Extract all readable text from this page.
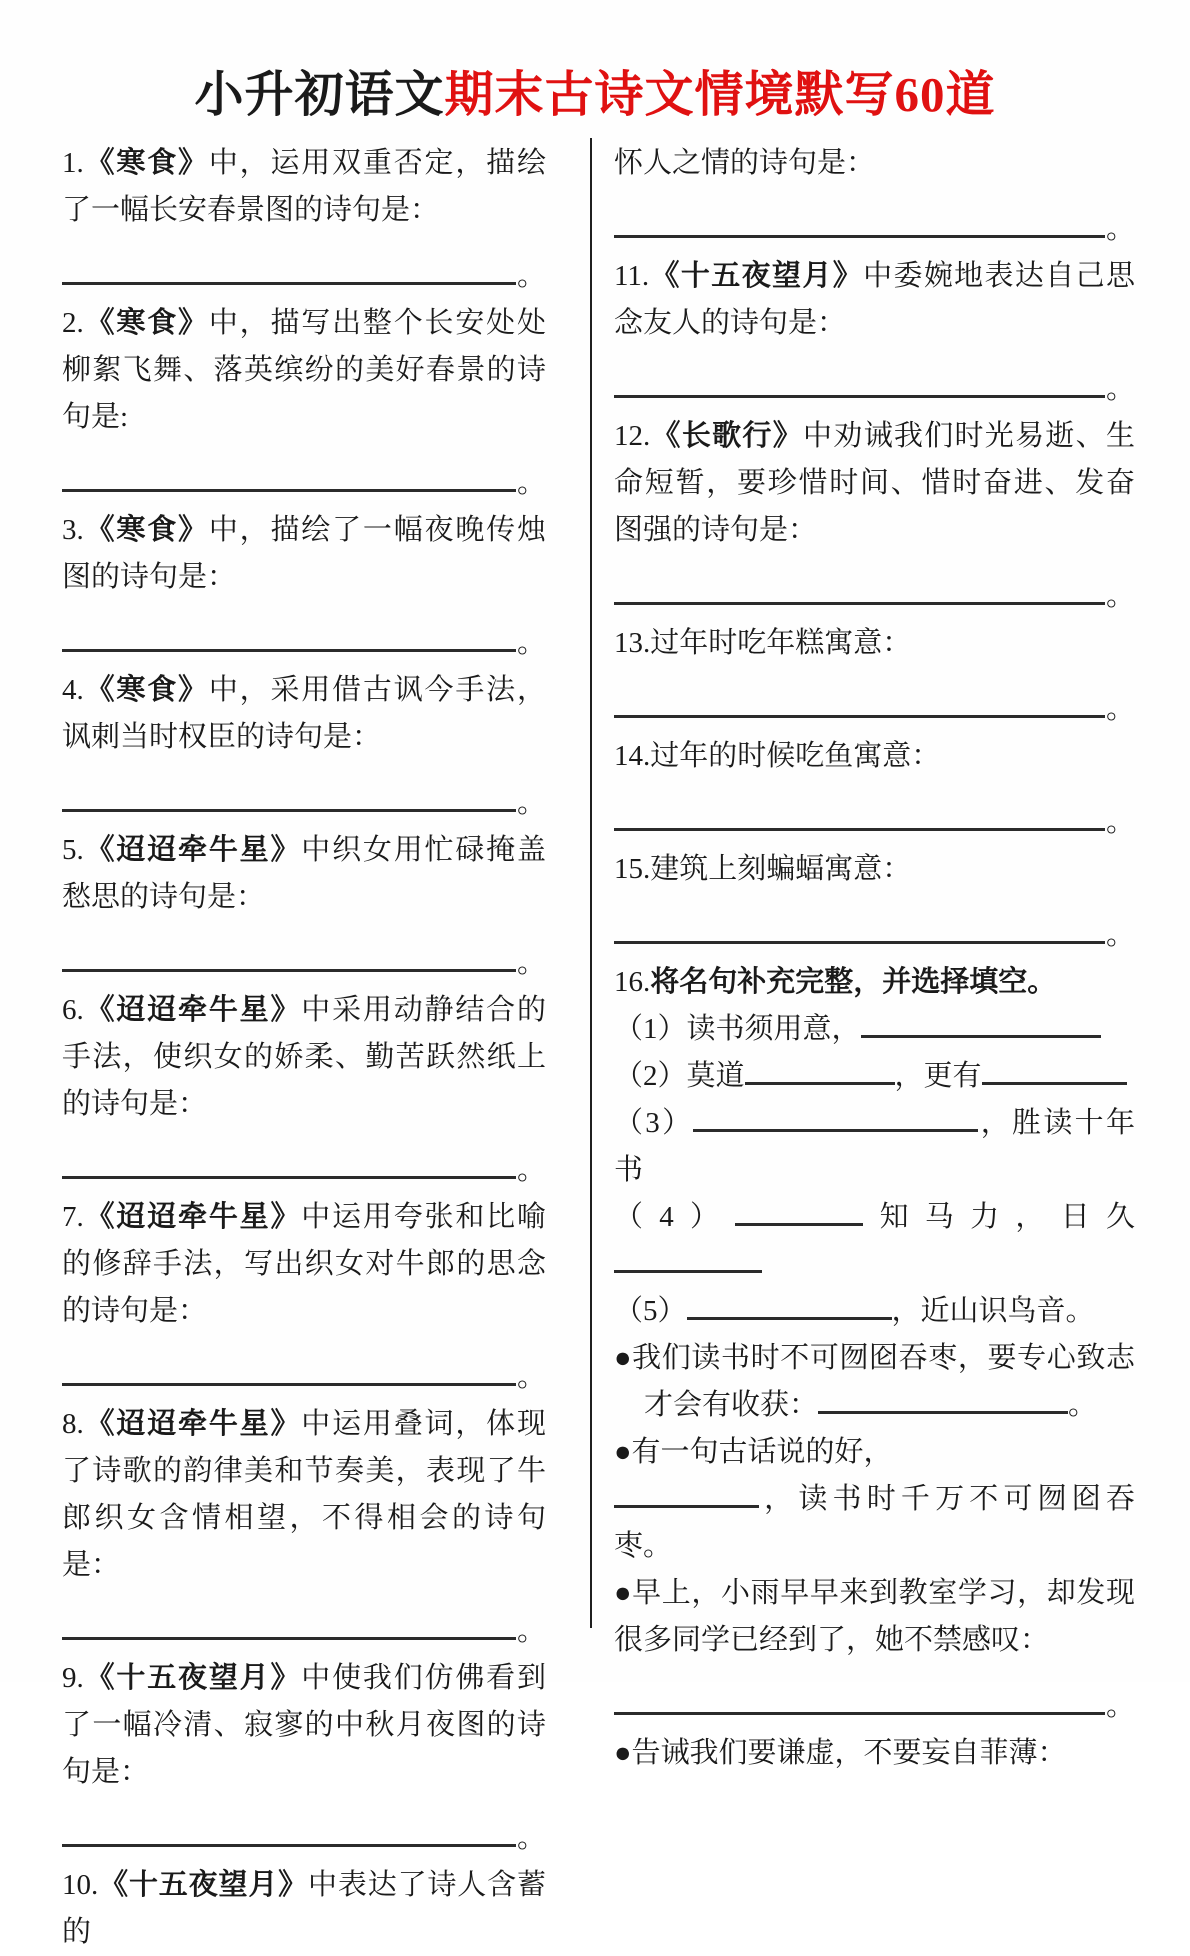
小升初语文期末古诗文情境默写60道

1.《寒食》中，运用双重否定，描绘了一幅长安春景图的诗句是：

。

2.《寒食》中，描写出整个长安处处柳絮飞舞、落英缤纷的美好春景的诗句是:

。

3.《寒食》中，描绘了一幅夜晚传烛图的诗句是：

。

4.《寒食》中，采用借古讽今手法，讽刺当时权臣的诗句是：

。

5.《迢迢牵牛星》中织女用忙碌掩盖愁思的诗句是：

。

6.《迢迢牵牛星》中采用动静结合的手法，使织女的娇柔、勤苦跃然纸上的诗句是：

。

7.《迢迢牵牛星》中运用夸张和比喻的修辞手法，写出织女对牛郎的思念的诗句是：

。

8.《迢迢牵牛星》中运用叠词，体现了诗歌的韵律美和节奏美，表现了牛郎织女含情相望，不得相会的诗句是：

。

9.《十五夜望月》中使我们仿佛看到了一幅冷清、寂寥的中秋月夜图的诗句是：

。

10.《十五夜望月》中表达了诗人含蓄的

怀人之情的诗句是：

。

11.《十五夜望月》中委婉地表达自己思念友人的诗句是：

。

12.《长歌行》中劝诫我们时光易逝、生命短暂，要珍惜时间、惜时奋进、发奋图强的诗句是：

。

13.过年时吃年糕寓意：

。

14.过年的时候吃鱼寓意：

。

15.建筑上刻蝙蝠寓意：

。

16.将名句补充完整，并选择填空。

（1）读书须用意，

（2）莫道	，更有

（3）	，胜读十年书

（4）	知马力，日久

（5）	，近山识鸟音。

●我们读书时不可囫囵吞枣，要专心致志才会有收获：	。

●有一句古话说的好，
，读书时千万不可囫囵吞枣。

●早上，小雨早早来到教室学习，却发现很多同学已经到了，她不禁感叹：

。

●告诫我们要谦虚，不要妄自菲薄：
